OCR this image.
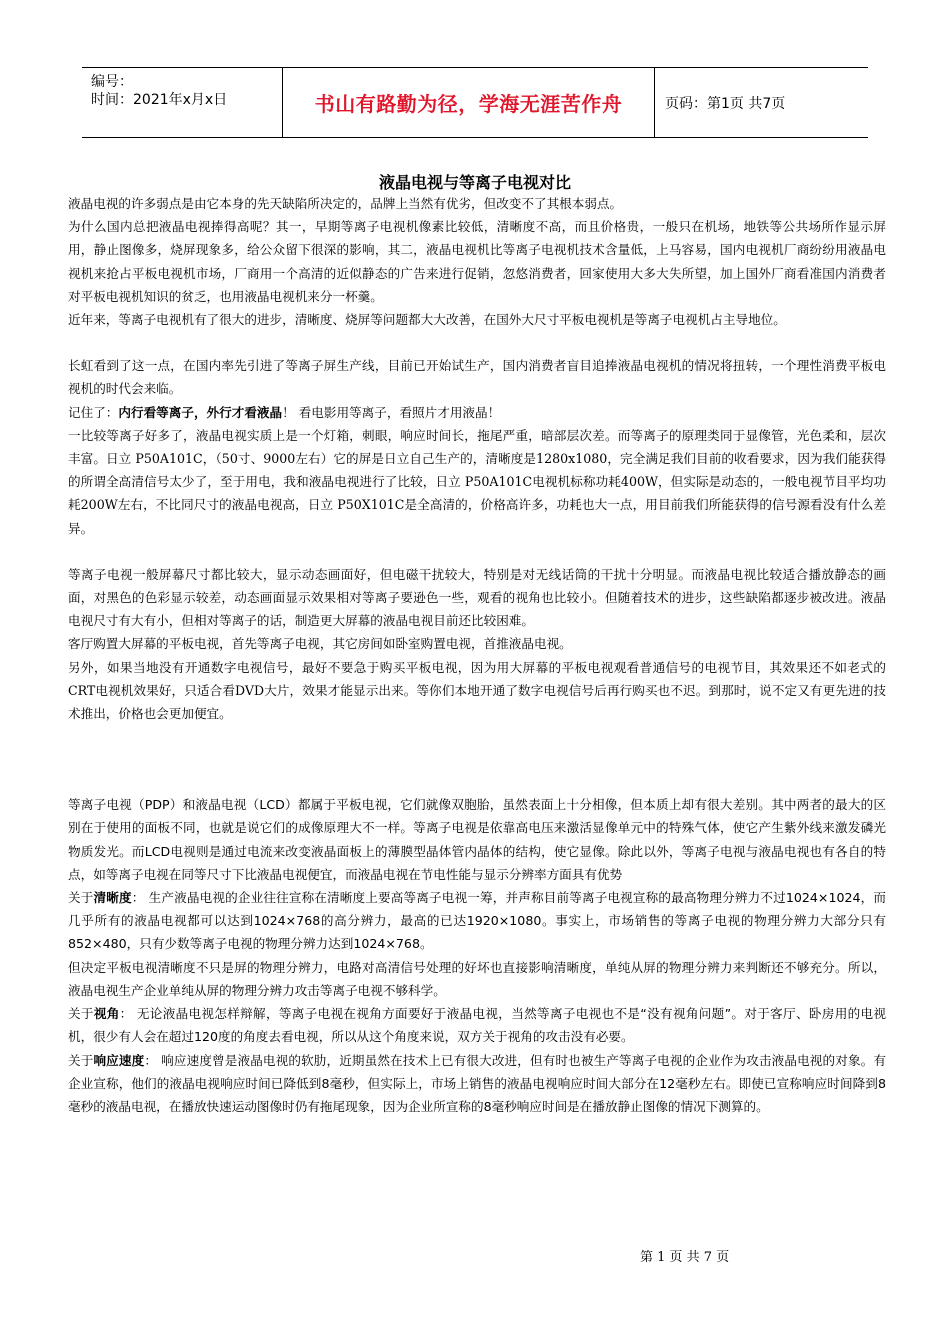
编号：
时间：2021年x月x日	书山有路勤为径，学海无涯苦作舟	页码：第1页 共7页
液晶电视与等离子电视对比

液晶电视的许多弱点是由它本身的先天缺陷所决定的，品牌上当然有优劣，但改变不了其根本弱点。

为什么国内总把液晶电视捧得高呢？其一，早期等离子电视机像素比较低，清晰度不高，而且价格贵，一般只在机场，地铁等公共场所作显示屏用，静止图像多，烧屏现象多，给公众留下很深的影响，其二，液晶电视机比等离子电视机技术含量低，上马容易，国内电视机厂商纷纷用液晶电视机来抢占平板电视机市场，厂商用一个高清的近似静态的广告来进行促销，忽悠消费者，回家使用大多大失所望，加上国外厂商看准国内消费者对平板电视机知识的贫乏，也用液晶电视机来分一杯羹。

近年来，等离子电视机有了很大的进步，清晰度、烧屏等问题都大大改善，在国外大尺寸平板电视机是等离子电视机占主导地位。

长虹看到了这一点，在国内率先引进了等离子屏生产线，目前已开始试生产，国内消费者盲目追捧液晶电视机的情况将扭转，一个理性消费平板电视机的时代会来临。

记住了：内行看等离子，外行才看液晶！ 看电影用等离子，看照片才用液晶！

一比较等离子好多了，液晶电视实质上是一个灯箱，刺眼，响应时间长，拖尾严重，暗部层次差。而等离子的原理类同于显像管，光色柔和，层次丰富。日立 P50A101C，（50寸、9000左右）它的屏是日立自己生产的，清晰度是1280x1080，完全满足我们目前的收看要求，因为我们能获得的所谓全高清信号太少了，至于用电，我和液晶电视进行了比较，日立 P50A101C电视机标称功耗400W，但实际是动态的，一般电视节目平均功耗200W左右，不比同尺寸的液晶电视高，日立 P50X101C是全高清的，价格高许多，功耗也大一点，用目前我们所能获得的信号源看没有什么差异。

等离子电视一般屏幕尺寸都比较大，显示动态画面好，但电磁干扰较大，特别是对无线话筒的干扰十分明显。而液晶电视比较适合播放静态的画面，对黑色的色彩显示较差，动态画面显示效果相对等离子要逊色一些，观看的视角也比较小。但随着技术的进步，这些缺陷都逐步被改进。液晶电视尺寸有大有小，但相对等离子的话，制造更大屏幕的液晶电视目前还比较困难。

客厅购置大屏幕的平板电视，首先等离子电视，其它房间如卧室购置电视，首推液晶电视。

另外，如果当地没有开通数字电视信号，最好不要急于购买平板电视，因为用大屏幕的平板电视观看普通信号的电视节目，其效果还不如老式的CRT电视机效果好，只适合看DVD大片，效果才能显示出来。等你们本地开通了数字电视信号后再行购买也不迟。到那时，说不定又有更先进的技术推出，价格也会更加便宜。

等离子电视（PDP）和液晶电视（LCD）都属于平板电视，它们就像双胞胎，虽然表面上十分相像，但本质上却有很大差别。其中两者的最大的区别在于使用的面板不同，也就是说它们的成像原理大不一样。等离子电视是依靠高电压来激活显像单元中的特殊气体，使它产生紫外线来激发磷光物质发光。而LCD电视则是通过电流来改变液晶面板上的薄膜型晶体管内晶体的结构，使它显像。除此以外，等离子电视与液晶电视也有各自的特点，如等离子电视在同等尺寸下比液晶电视便宜，而液晶电视在节电性能与显示分辨率方面具有优势

关于清晰度： 生产液晶电视的企业往往宣称在清晰度上要高等离子电视一筹，并声称目前等离子电视宣称的最高物理分辨力不过1024×1024，而几乎所有的液晶电视都可以达到1024×768的高分辨力，最高的已达1920×1080。事实上，市场销售的等离子电视的物理分辨力大部分只有852×480，只有少数等离子电视的物理分辨力达到1024×768。

但决定平板电视清晰度不只是屏的物理分辨力，电路对高清信号处理的好坏也直接影响清晰度，单纯从屏的物理分辨力来判断还不够充分。所以，液晶电视生产企业单纯从屏的物理分辨力攻击等离子电视不够科学。

关于视角： 无论液晶电视怎样辩解，等离子电视在视角方面要好于液晶电视，当然等离子电视也不是“没有视角问题”。对于客厅、卧房用的电视机，很少有人会在超过120度的角度去看电视，所以从这个角度来说，双方关于视角的攻击没有必要。

关于响应速度： 响应速度曾是液晶电视的软肋，近期虽然在技术上已有很大改进，但有时也被生产等离子电视的企业作为攻击液晶电视的对象。有企业宣称，他们的液晶电视响应时间已降低到8毫秒，但实际上，市场上销售的液晶电视响应时间大部分在12毫秒左右。即使已宣称响应时间降到8毫秒的液晶电视，在播放快速运动图像时仍有拖尾现象，因为企业所宣称的8毫秒响应时间是在播放静止图像的情况下测算的。

第 1 页 共 7 页
